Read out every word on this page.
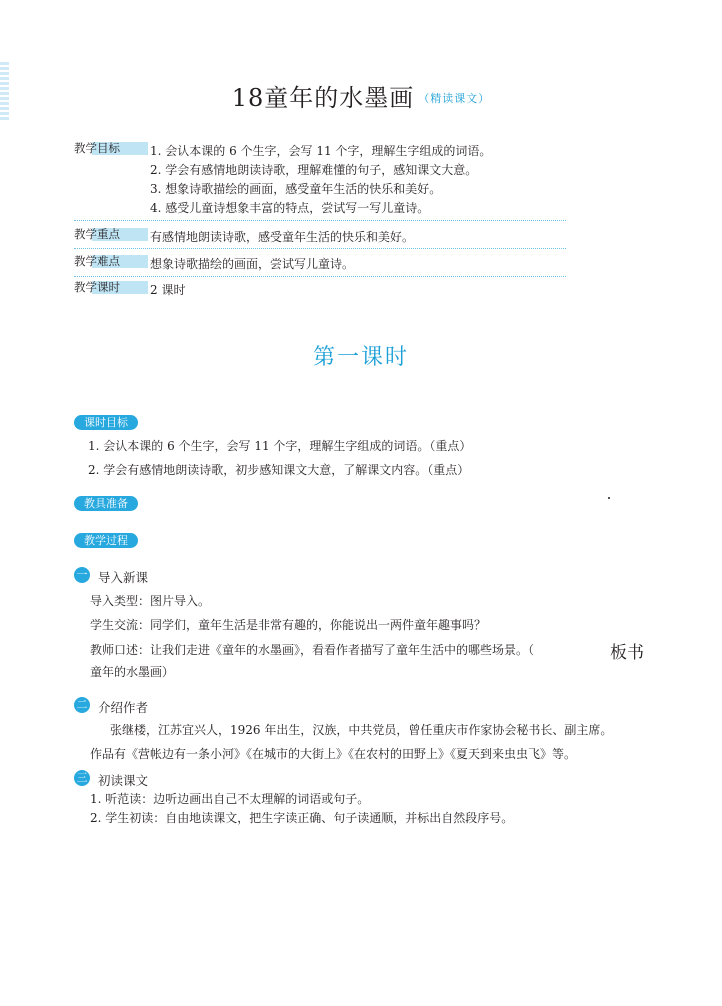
18童年的水墨画 （精读课文）
教学目标	1. 会认本课的 6 个生字，会写 11 个字，理解生字组成的词语。
2. 学会有感情地朗读诗歌，理解难懂的句子，感知课文大意。
3. 想象诗歌描绘的画面，感受童年生活的快乐和美好。
4. 感受儿童诗想象丰富的特点，尝试写一写儿童诗。
教学重点	有感情地朗读诗歌，感受童年生活的快乐和美好。
教学难点	想象诗歌描绘的画面，尝试写儿童诗。
教学课时	2 课时
第一课时
课时目标
1. 会认本课的 6 个生字，会写 11 个字，理解生字组成的词语。（重点）
2. 学会有感情地朗读诗歌，初步感知课文大意，了解课文内容。（重点）
教具准备
教学过程
一 导入新课
导入类型：图片导入。
学生交流：同学们，童年生活是非常有趣的，你能说出一两件童年趣事吗？
教师口述：让我们走进《童年的水墨画》，看看作者描写了童年生活中的哪些场景。（	板书
童年的水墨画）
二 介绍作者
张继楼，江苏宜兴人，1926 年出生，汉族，中共党员，曾任重庆市作家协会秘书长、副主席。
作品有《营帐边有一条小河》《在城市的大街上》《在农村的田野上》《夏天到来虫虫飞》等。
三 初读课文
1. 听范读：边听边画出自己不太理解的词语或句子。
2. 学生初读：自由地读课文，把生字读正确、句子读通顺，并标出自然段序号。
